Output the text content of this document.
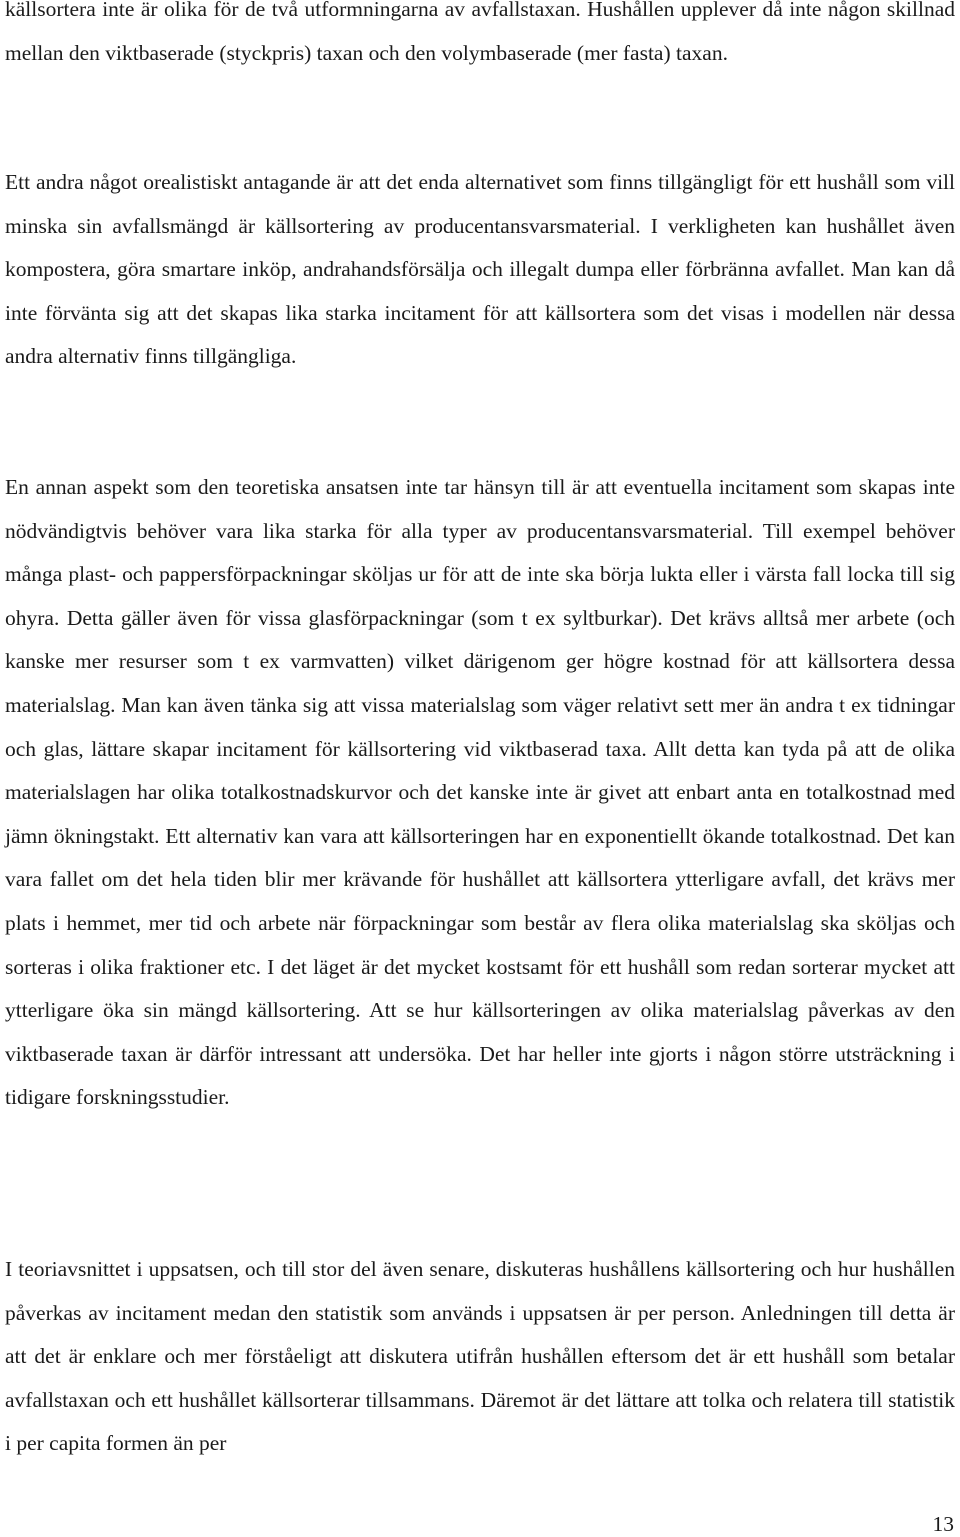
källsortera inte är olika för de två utformningarna av avfallstaxan. Hushållen upplever då inte någon skillnad mellan den viktbaserade (styckpris) taxan och den volymbaserade (mer fasta) taxan.

Ett andra något orealistiskt antagande är att det enda alternativet som finns tillgängligt för ett hushåll som vill minska sin avfallsmängd är källsortering av producentansvarsmaterial. I verkligheten kan hushållet även kompostera, göra smartare inköp, andrahandsförsälja och illegalt dumpa eller förbränna avfallet. Man kan då inte förvänta sig att det skapas lika starka incitament för att källsortera som det visas i modellen när dessa andra alternativ finns tillgängliga.

En annan aspekt som den teoretiska ansatsen inte tar hänsyn till är att eventuella incitament som skapas inte nödvändigtvis behöver vara lika starka för alla typer av producentansvarsmaterial. Till exempel behöver många plast- och pappersförpackningar sköljas ur för att de inte ska börja lukta eller i värsta fall locka till sig ohyra. Detta gäller även för vissa glasförpackningar (som t ex syltburkar). Det krävs alltså mer arbete (och kanske mer resurser som t ex varmvatten) vilket därigenom ger högre kostnad för att källsortera dessa materialslag. Man kan även tänka sig att vissa materialslag som väger relativt sett mer än andra t ex tidningar och glas, lättare skapar incitament för källsortering vid viktbaserad taxa. Allt detta kan tyda på att de olika materialslagen har olika totalkostnadskurvor och det kanske inte är givet att enbart anta en totalkostnad med jämn ökningstakt. Ett alternativ kan vara att källsorteringen har en exponentiellt ökande totalkostnad. Det kan vara fallet om det hela tiden blir mer krävande för hushållet att källsortera ytterligare avfall, det krävs mer plats i hemmet, mer tid och arbete när förpackningar som består av flera olika materialslag ska sköljas och sorteras i olika fraktioner etc. I det läget är det mycket kostsamt för ett hushåll som redan sorterar mycket att ytterligare öka sin mängd källsortering. Att se hur källsorteringen av olika materialslag påverkas av den viktbaserade taxan är därför intressant att undersöka. Det har heller inte gjorts i någon större utsträckning i tidigare forskningsstudier.

I teoriavsnittet i uppsatsen, och till stor del även senare, diskuteras hushållens källsortering och hur hushållen påverkas av incitament medan den statistik som används i uppsatsen är per person. Anledningen till detta är att det är enklare och mer förståeligt att diskutera utifrån hushållen eftersom det är ett hushåll som betalar avfallstaxan och ett hushållet källsorterar tillsammans. Däremot är det lättare att tolka och relatera till statistik i per capita formen än per

13
